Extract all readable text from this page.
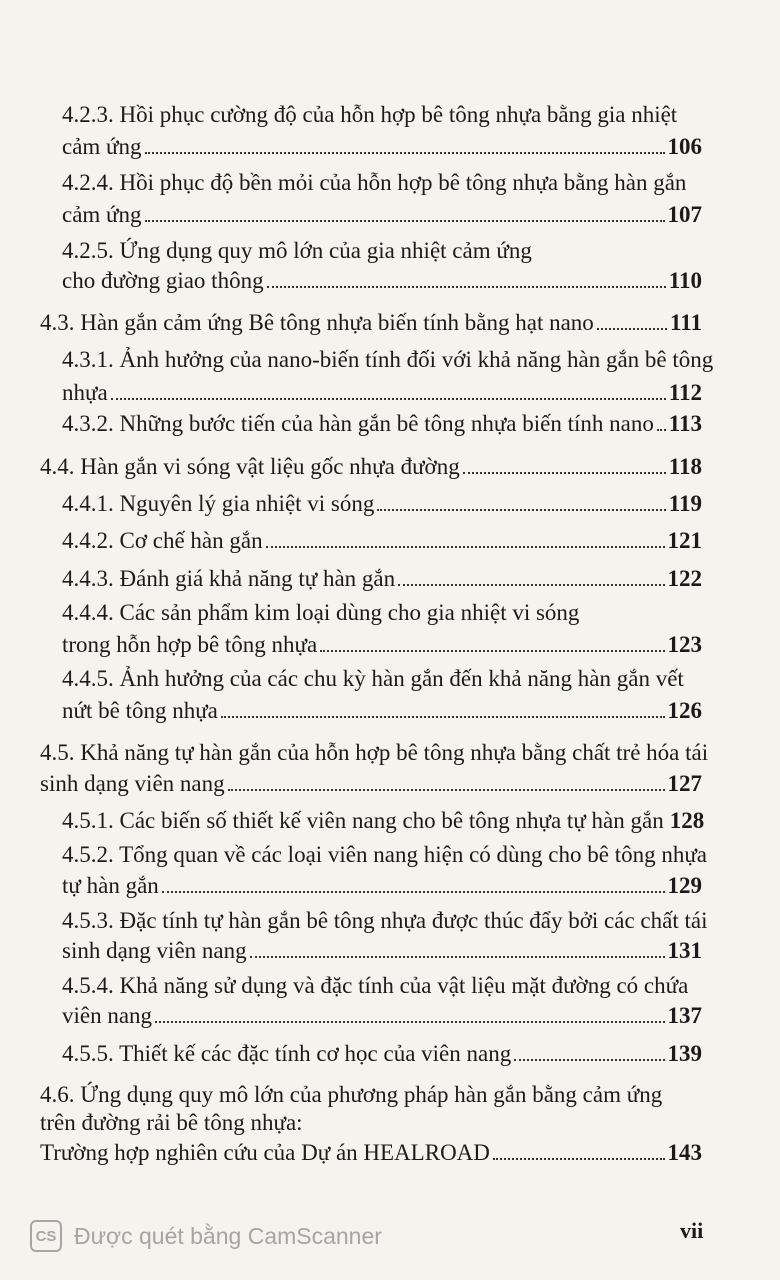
4.2.3. Hồi phục cường độ của hỗn hợp bê tông nhựa bằng gia nhiệt
cảm ứng	106
4.2.4. Hồi phục độ bền mỏi của hỗn hợp bê tông nhựa bằng hàn gắn
cảm ứng	107
4.2.5. Ứng dụng quy mô lớn của gia nhiệt cảm ứng
cho đường giao thông	110
4.3. Hàn gắn cảm ứng Bê tông nhựa biến tính bằng hạt nano	111
4.3.1. Ảnh hưởng của nano-biến tính đối với khả năng hàn gắn bê tông
nhựa	112
4.3.2. Những bước tiến của hàn gắn bê tông nhựa biến tính nano 113
4.4. Hàn gắn vi sóng vật liệu gốc nhựa đường	118
4.4.1. Nguyên lý gia nhiệt vi sóng	119
4.4.2. Cơ chế hàn gắn	121
4.4.3. Đánh giá khả năng tự hàn gắn	122
4.4.4. Các sản phẩm kim loại dùng cho gia nhiệt vi sóng
trong hỗn hợp bê tông nhựa	123
4.4.5. Ảnh hưởng của các chu kỳ hàn gắn đến khả năng hàn gắn vết
nứt bê tông nhựa	126
4.5. Khả năng tự hàn gắn của hỗn hợp bê tông nhựa bằng chất trẻ hóa tái
sinh dạng viên nang	127
4.5.1. Các biến số thiết kế viên nang cho bê tông nhựa tự hàn gắn 128
4.5.2. Tổng quan về các loại viên nang hiện có dùng cho bê tông nhựa
tự hàn gắn	129
4.5.3. Đặc tính tự hàn gắn bê tông nhựa được thúc đẩy bởi các chất tái
sinh dạng viên nang	131
4.5.4. Khả năng sử dụng và đặc tính của vật liệu mặt đường có chứa
viên nang	137
4.5.5. Thiết kế các đặc tính cơ học của viên nang	139
4.6. Ứng dụng quy mô lớn của phương pháp hàn gắn bằng cảm ứng
trên đường rải bê tông nhựa:
Trường hợp nghiên cứu của Dự án HEALROAD	143
CS Được quét bằng CamScanner	vii
